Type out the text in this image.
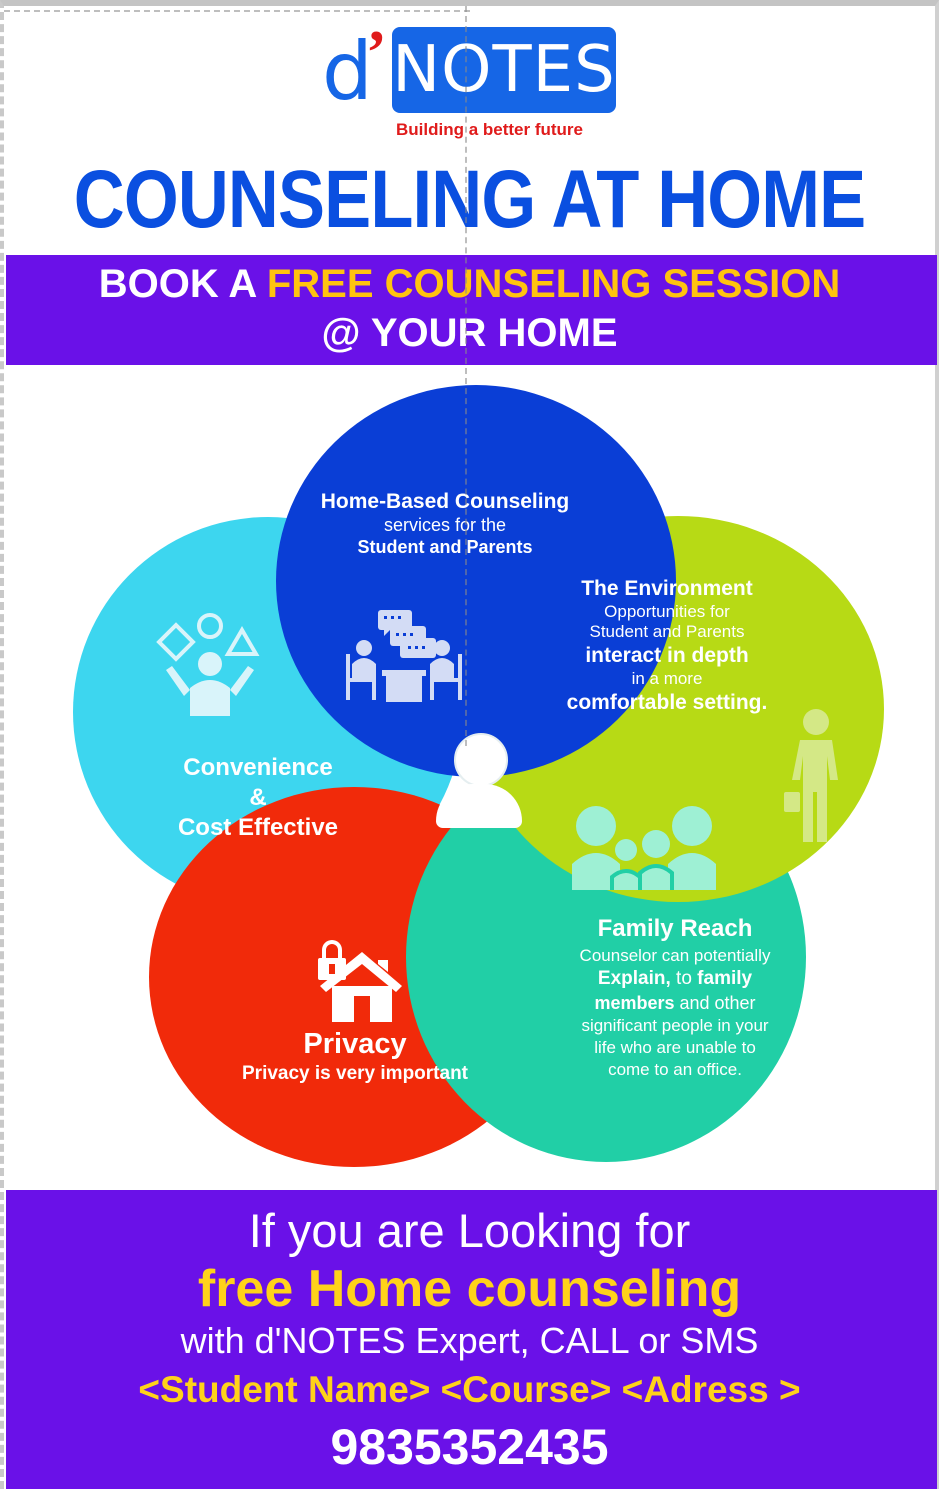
d
’ NOTES
Building a better future
COUNSELING AT HOME
BOOK A FREE COUNSELING SESSION
@ YOUR HOME
Home-Based Counseling
services for the
Student and Parents
The Environment
Opportunities for
Student and Parents
interact in depth
in a more
comfortable setting.
Convenience
&
Cost Effective
Family Reach
Counselor can potentially
Explain, to family
members and other
significant people in your
life who are unable to
come to an office.
Privacy
Privacy is very important
If you are Looking for
free Home counseling
with d'NOTES Expert, CALL or SMS
<Student Name> <Course> <Adress >
9835352435
